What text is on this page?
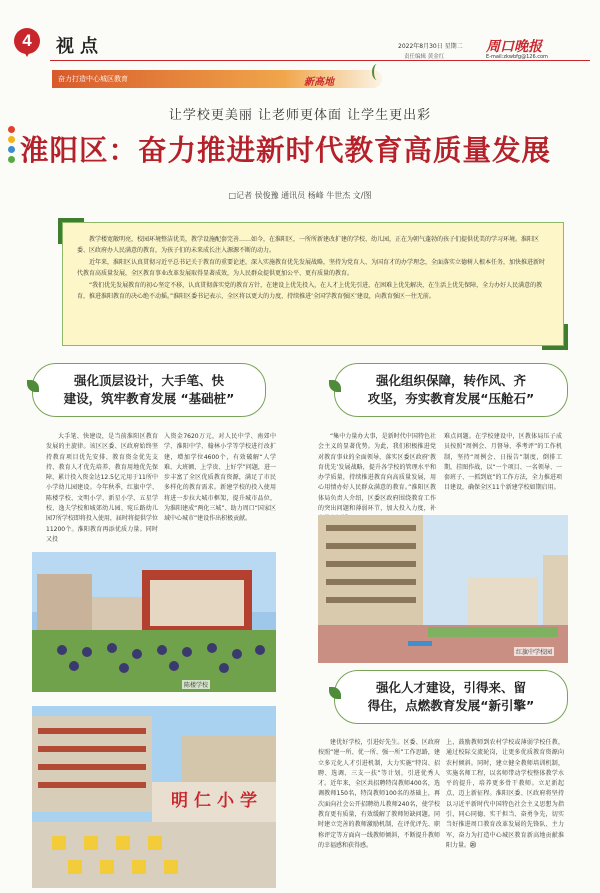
4	视点	2022年8月30日 星期二
责任编辑 黄金红
周口晚报
E-mail:zkwbfg@126.com
奋力打造中心城区教育	新高地
让学校更美丽 让老师更体面 让学生更出彩
淮阳区：奋力推进新时代教育高质量发展
□记者 侯俊豫 通讯员 杨峰 牛世杰 文/图

教学楼宽敞明亮，校园环境整洁优美，教学设施配套完善……如今，在淮阳区，一所所新建改扩建的学校、幼儿园，正在为朝气蓬勃的孩子们提供优美的学习环境。淮阳区委、区政府办人民满意的教育，为孩子们的未来成长注入源源不断的动力。

近年来，淮阳区认真贯彻习近平总书记关于教育的重要论述，深入实施教育优先发展战略，坚持为党育人、为国育才的办学理念，全面落实立德树人根本任务，加快推进新时代教育高质量发展，全区教育事业改革发展取得显著成效，为人民群众提供更加公平、更有质量的教育。

“我们优先发展教育的初心坚定不移，认真贯彻落实党的教育方针，在建设上优先投入，在人才上优先引进，在困难上优先解决，在生活上优先保障，全力办好人民满意的教育，推进淮阳教育的决心绝不动摇。”淮阳区委书记表示，全区将以更大的力度，持续推进‘全国学教育强区’建设，向教育强区一往无前。

强化顶层设计，大手笔、快
建设，筑牢教育发展 “基础桩”
强化组织保障，转作风、齐
攻坚，夯实教育发展“压舱石”
强化人才建设，引得来、留
得住，点燃教育发展“新引擎”

大手笔、快建设，是当前淮阳区教育发展的主旋律。该区区委、区政府始终坚持教育项目优先安排、教育资金优先支持、教育人才优先培养、教育用地优先保障，累计投入资金达12.5亿元用于11所中小学幼儿园建设。今年秋季，红旗中学、陈楼学校、文明小学、新星小学、五星学校、逸夫学校和城郊幼儿园、宛丘路幼儿园7所学校即将投入使用，届时将提供学位11200个。淮阳教育再添优质力量。同时又投

入资金7620万元，对人民中学、南郊中学、淮阳中学、翰林小学等学校进行改扩建，增加学位4600个，有效破解“人学难、大班额、上学贵、上好学”问题，进一步丰富了全区优质教育资源，满足了市民多样化的教育需求。新建学校的投入使用将进一步拉大城市框架，提升城市品位，为淮阳建成“两化三城”、助力周口“国家区域中心城市”建设作出积极贡献。

“集中力量办大事，是新时代中国特色社会主义的显著优势。为此，我们积极推进党对教育事业的全面领导，落实区委区政府‘教育优先’发展战略，提升各学校的管理水平和办学质量，持续推进教育向高质量发展，用心用情办好人民群众满意的教育。”淮阳区教体局负责人介绍，区委区政府围绕教育工作的突出问题和薄弱环节，加大投入力度，补

难点问题。在学校建设中，区教体局压子成员按照“周例会、月督导、季考评”的工作机制，坚持“周例会、日报告”制度，倒排工期，挂图作战，以“一个项目、一名领导、一套班子、一抓到底”的工作方法，全力推进项目建设，确保全区11个新建学校如期启用。

建优好学校，引进好先生。区委、区政府按照“建一所、优一所、强一所”工作思路，建立多元化人才引进机制，大力实施“特岗、招聘、选调、三支一扶”等计划，引进优秀人才。近年来，全区共招聘特岗教师400名，选调教师150名，特岗教师100名的基础上，再次面向社会公开招聘幼儿教师240名，使学校教育更有质量，有效缓解了教师短缺问题。同时建立完善的教师激励机制，在评优评先、职称评定等方面向一线教师倾斜，不断提升教师的幸福感和获得感。

上，鼓励教师到农村学校或薄弱学校任教，通过校际交流轮岗，让更多优质教育资源向农村倾斜。同时，建立健全教师培训机制，实施名师工程，以名师带动学校整体教学水平的提升，培养更多骨干教师。立足新起点，迈上新征程。淮阳区委、区政府将坚持以习近平新时代中国特色社会主义思想为指引，同心同德、实干担当、奋勇争先，切实当好推进周口教育改革发展的先锋队、主力军，奋力为打造中心城区教育新高地贡献淮阳力量。㉑

陈楼学校
红旗中学校园
明仁小学
